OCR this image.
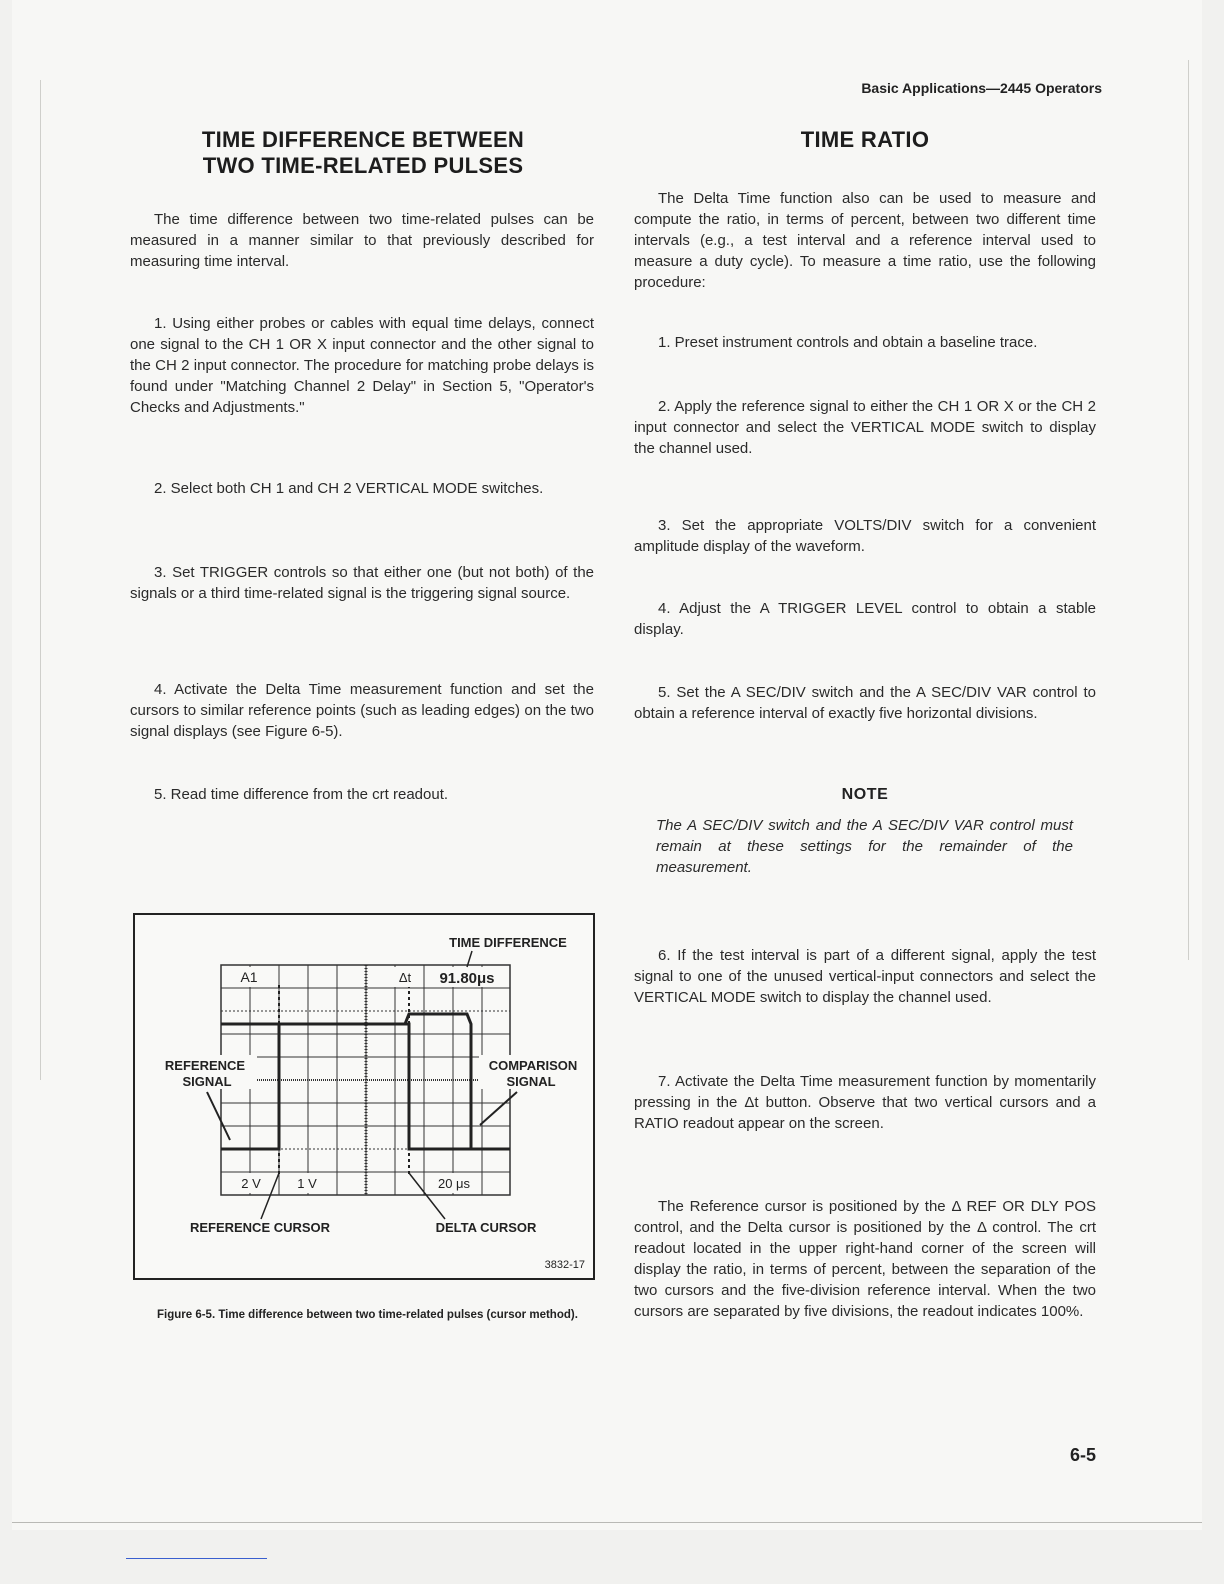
Basic Applications—2445 Operators
TIME DIFFERENCE BETWEEN
TWO TIME-RELATED PULSES

The time difference between two time-related pulses can be measured in a manner similar to that previously described for measuring time interval.

1. Using either probes or cables with equal time delays, connect one signal to the CH 1 OR X input connector and the other signal to the CH 2 input connector. The procedure for matching probe delays is found under "Matching Channel 2 Delay" in Section 5, "Operator's Checks and Adjustments."

2. Select both CH 1 and CH 2 VERTICAL MODE switches.

3. Set TRIGGER controls so that either one (but not both) of the signals or a third time-related signal is the triggering signal source.

4. Activate the Delta Time measurement function and set the cursors to similar reference points (such as leading edges) on the two signal displays (see Figure 6-5).

5. Read time difference from the crt readout.

A1	Δt 91.80μs
TIME DIFFERENCE
2 V	1 V	20 μs
REFERENCE
SIGNAL
COMPARISON
SIGNAL
REFERENCE CURSOR	DELTA CURSOR
3832-17

Figure 6-5. Time difference between two time-related pulses (cursor method).

TIME RATIO

The Delta Time function also can be used to measure and compute the ratio, in terms of percent, between two different time intervals (e.g., a test interval and a reference interval used to measure a duty cycle). To measure a time ratio, use the following procedure:

1. Preset instrument controls and obtain a baseline trace.

2. Apply the reference signal to either the CH 1 OR X or the CH 2 input connector and select the VERTICAL MODE switch to display the channel used.

3. Set the appropriate VOLTS/DIV switch for a convenient amplitude display of the waveform.

4. Adjust the A TRIGGER LEVEL control to obtain a stable display.

5. Set the A SEC/DIV switch and the A SEC/DIV VAR control to obtain a reference interval of exactly five horizontal divisions.

NOTE

The A SEC/DIV switch and the A SEC/DIV VAR control must remain at these settings for the remainder of the measurement.

6. If the test interval is part of a different signal, apply the test signal to one of the unused vertical-input connectors and select the VERTICAL MODE switch to display the channel used.

7. Activate the Delta Time measurement function by momentarily pressing in the Δt button. Observe that two vertical cursors and a RATIO readout appear on the screen.

The Reference cursor is positioned by the Δ REF OR DLY POS control, and the Delta cursor is positioned by the Δ control. The crt readout located in the upper right-hand corner of the screen will display the ratio, in terms of percent, between the separation of the two cursors and the five-division reference interval. When the two cursors are separated by five divisions, the readout indicates 100%.

6-5
